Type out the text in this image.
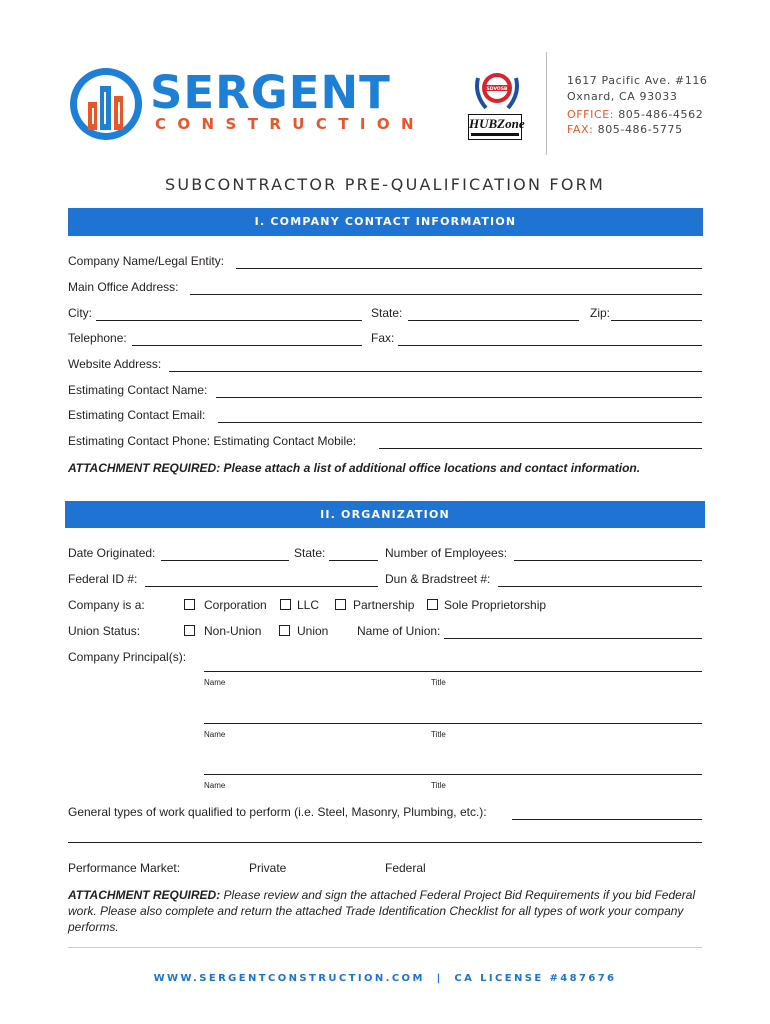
SERGENT
CONSTRUCTION
SDVOSB
HUBZone
1617 Pacific Ave. #116
Oxnard, CA 93033
OFFICE: 805-486-4562
FAX: 805-486-5775
SUBCONTRACTOR PRE-QUALIFICATION FORM
I. COMPANY CONTACT INFORMATION
Company Name/Legal Entity:
Main Office Address:
City:	State:	Zip:
Telephone:	Fax:
Website Address:
Estimating Contact Name:
Estimating Contact Email:
Estimating Contact Phone: Estimating Contact Mobile:
ATTACHMENT REQUIRED: Please attach a list of additional office locations and contact information.
II. ORGANIZATION
Date Originated:	State:	Number of Employees:
Federal ID #:	Dun & Bradstreet #:
Company is a:	Corporation	LLC	Partnership Sole Proprietorship
Union Status:	Non-Union	Union Name of Union:
Company Principal(s):
Name	Title
Name	Title
Name	Title
General types of work qualified to perform (i.e. Steel, Masonry, Plumbing, etc.):
Performance Market:	Private	Federal
ATTACHMENT REQUIRED: Please review and sign the attached Federal Project Bid Requirements if you bid Federal work. Please also complete and return the attached Trade Identification Checklist for all types of work your company performs.
WWW.SERGENTCONSTRUCTION.COM  |  CA LICENSE #487676
